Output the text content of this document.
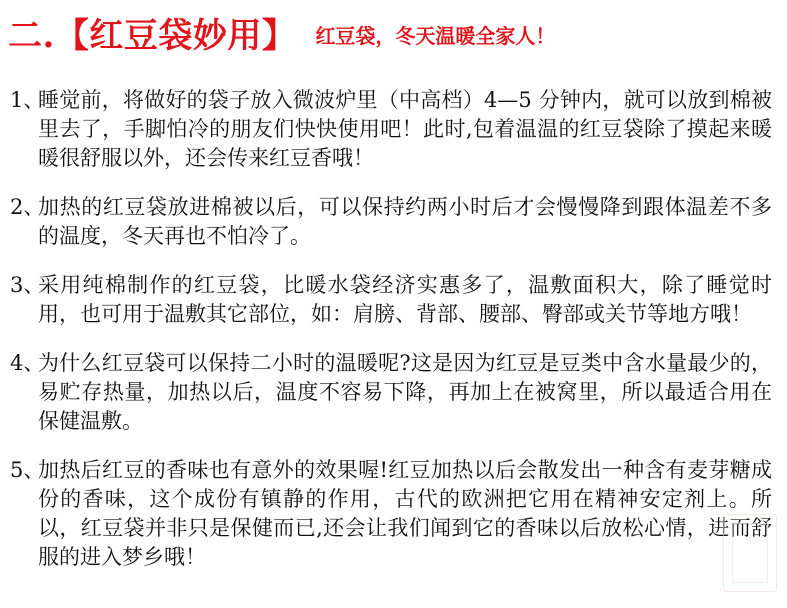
二.【红豆袋妙用】 红豆袋，冬天温暖全家人！
1、
睡觉前，将做好的袋子放入微波炉里（中高档）4—5 分钟内，就可以放到棉被里去了，手脚怕冷的朋友们快快使用吧！此时,包着温温的红豆袋除了摸起来暖暖很舒服以外，还会传来红豆香哦！
2、
加热的红豆袋放进棉被以后，可以保持约两小时后才会慢慢降到跟体温差不多的温度，冬天再也不怕冷了。
3、
采用纯棉制作的红豆袋，比暖水袋经济实惠多了，温敷面积大，除了睡觉时用，也可用于温敷其它部位，如：肩膀、背部、腰部、臀部或关节等地方哦！
4、
为什么红豆袋可以保持二小时的温暖呢?这是因为红豆是豆类中含水量最少的，易贮存热量，加热以后，温度不容易下降，再加上在被窝里，所以最适合用在保健温敷。
5、
加热后红豆的香味也有意外的效果喔!红豆加热以后会散发出一种含有麦芽糖成份的香味，这个成份有镇静的作用，古代的欧洲把它用在精神安定剂上。所以，红豆袋并非只是保健而已,还会让我们闻到它的香味以后放松心情，进而舒服的进入梦乡哦！
